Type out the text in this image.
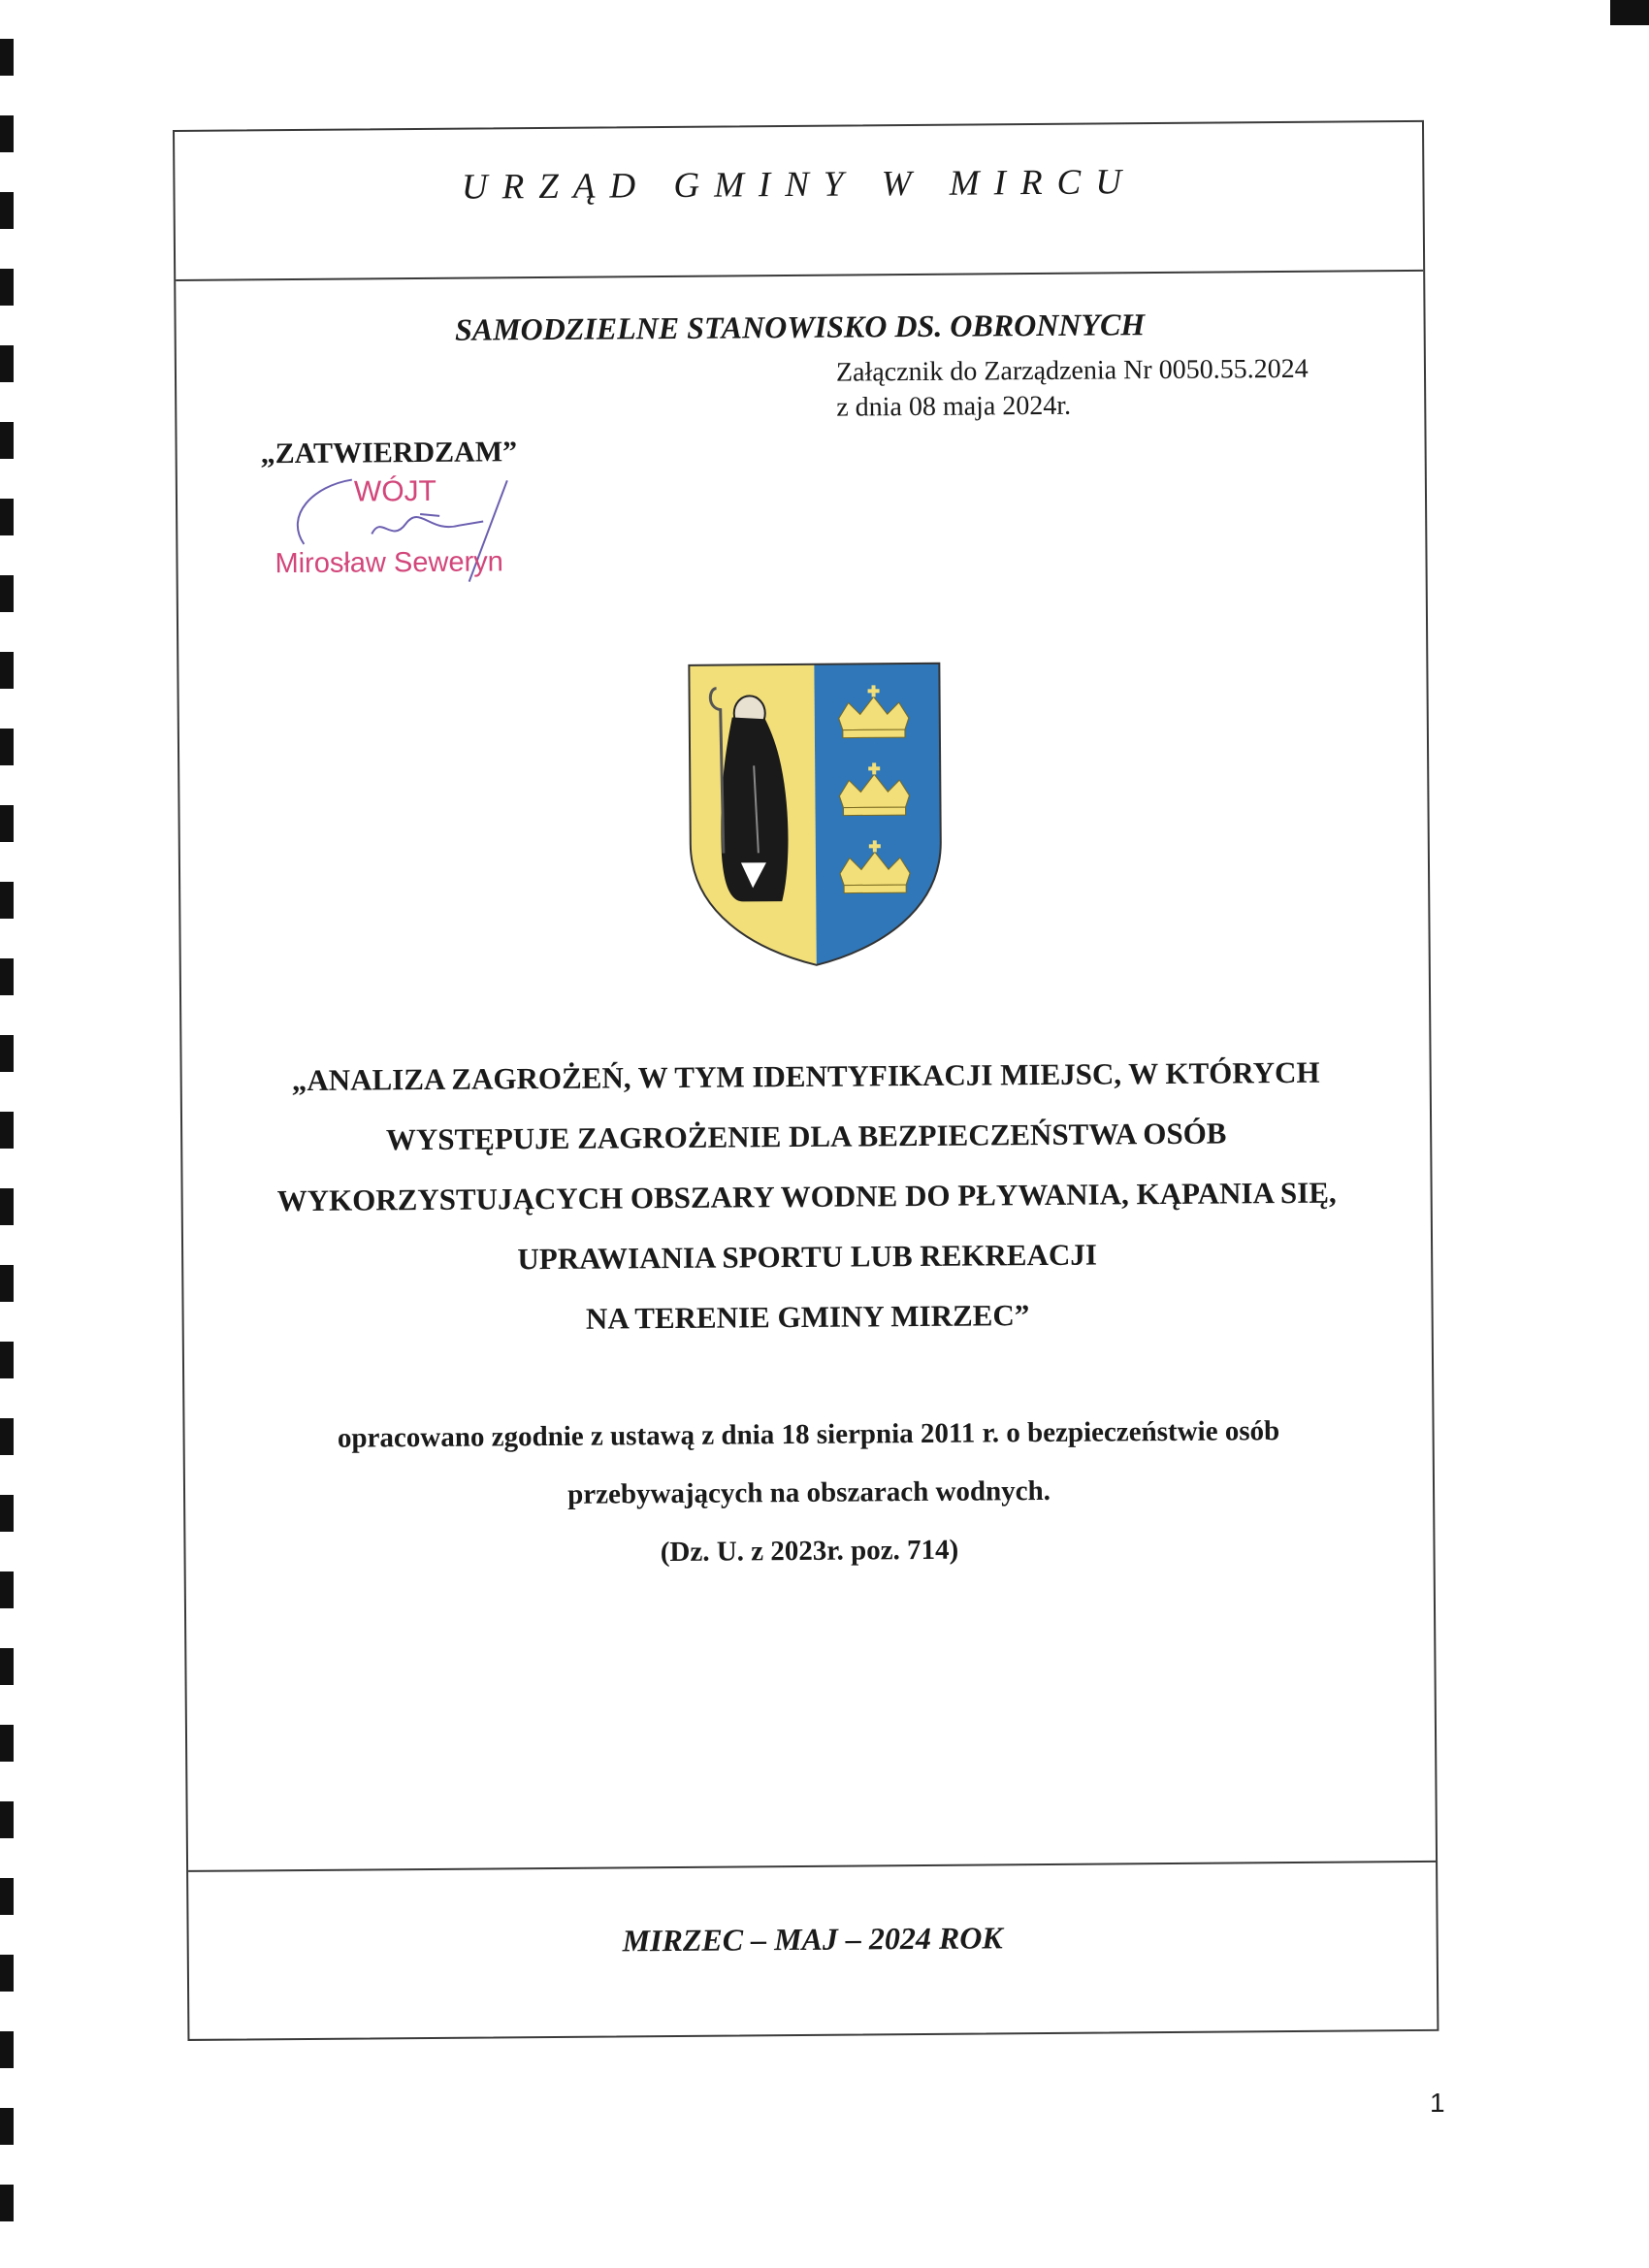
URZĄD GMINY W MIRCU
SAMODZIELNE STANOWISKO DS. OBRONNYCH
Załącznik do Zarządzenia Nr 0050.55.2024
z dnia 08 maja 2024r.
„ZATWIERDZAM”
WÓJT
Mirosław Seweryn
„ANALIZA ZAGROŻEŃ, W TYM IDENTYFIKACJI MIEJSC, W KTÓRYCH
WYSTĘPUJE ZAGROŻENIE DLA BEZPIECZEŃSTWA OSÓB
WYKORZYSTUJĄCYCH OBSZARY WODNE DO PŁYWANIA, KĄPANIA SIĘ,
UPRAWIANIA SPORTU LUB REKREACJI
NA TERENIE GMINY MIRZEC”
opracowano zgodnie z ustawą z dnia 18 sierpnia 2011 r. o bezpieczeństwie osób
przebywających na obszarach wodnych.
(Dz. U. z 2023r. poz. 714)
MIRZEC – MAJ – 2024 ROK
1
